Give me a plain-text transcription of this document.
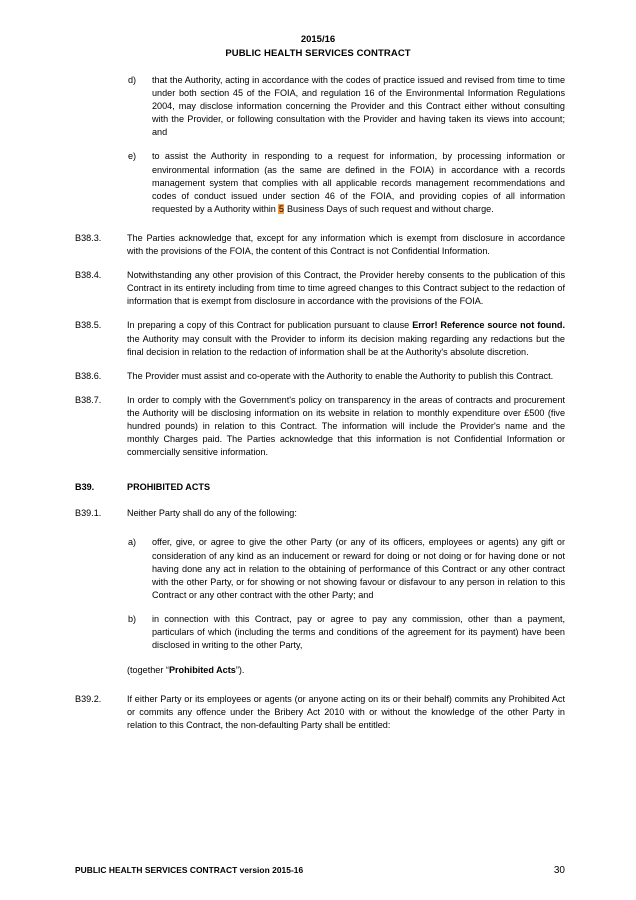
2015/16
PUBLIC HEALTH SERVICES CONTRACT
d)	that the Authority, acting in accordance with the codes of practice issued and revised from time to time under both section 45 of the FOIA, and regulation 16 of the Environmental Information Regulations 2004, may disclose information concerning the Provider and this Contract either without consulting with the Provider, or following consultation with the Provider and having taken its views into account; and
e)	to assist the Authority in responding to a request for information, by processing information or environmental information (as the same are defined in the FOIA) in accordance with a records management system that complies with all applicable records management recommendations and codes of conduct issued under section 46 of the FOIA, and providing copies of all information requested by a Authority within 5 Business Days of such request and without charge.
B38.3.	The Parties acknowledge that, except for any information which is exempt from disclosure in accordance with the provisions of the FOIA, the content of this Contract is not Confidential Information.
B38.4.	Notwithstanding any other provision of this Contract, the Provider hereby consents to the publication of this Contract in its entirety including from time to time agreed changes to this Contract subject to the redaction of information that is exempt from disclosure in accordance with the provisions of the FOIA.
B38.5.	In preparing a copy of this Contract for publication pursuant to clause Error! Reference source not found. the Authority may consult with the Provider to inform its decision making regarding any redactions but the final decision in relation to the redaction of information shall be at the Authority's absolute discretion.
B38.6.	The Provider must assist and co-operate with the Authority to enable the Authority to publish this Contract.
B38.7.	In order to comply with the Government's policy on transparency in the areas of contracts and procurement the Authority will be disclosing information on its website in relation to monthly expenditure over £500 (five hundred pounds) in relation to this Contract. The information will include the Provider's name and the monthly Charges paid. The Parties acknowledge that this information is not Confidential Information or commercially sensitive information.
B39.	PROHIBITED ACTS
B39.1.	Neither Party shall do any of the following:
a)	offer, give, or agree to give the other Party (or any of its officers, employees or agents) any gift or consideration of any kind as an inducement or reward for doing or not doing or for having done or not having done any act in relation to the obtaining of performance of this Contract or any other contract with the other Party, or for showing or not showing favour or disfavour to any person in relation to this Contract or any other contract with the other Party; and
b)	in connection with this Contract, pay or agree to pay any commission, other than a payment, particulars of which (including the terms and conditions of the agreement for its payment) have been disclosed in writing to the other Party,
(together “Prohibited Acts”).
B39.2.	If either Party or its employees or agents (or anyone acting on its or their behalf) commits any Prohibited Act or commits any offence under the Bribery Act 2010 with or without the knowledge of the other Party in relation to this Contract, the non-defaulting Party shall be entitled:
PUBLIC HEALTH SERVICES CONTRACT version 2015-16	30
